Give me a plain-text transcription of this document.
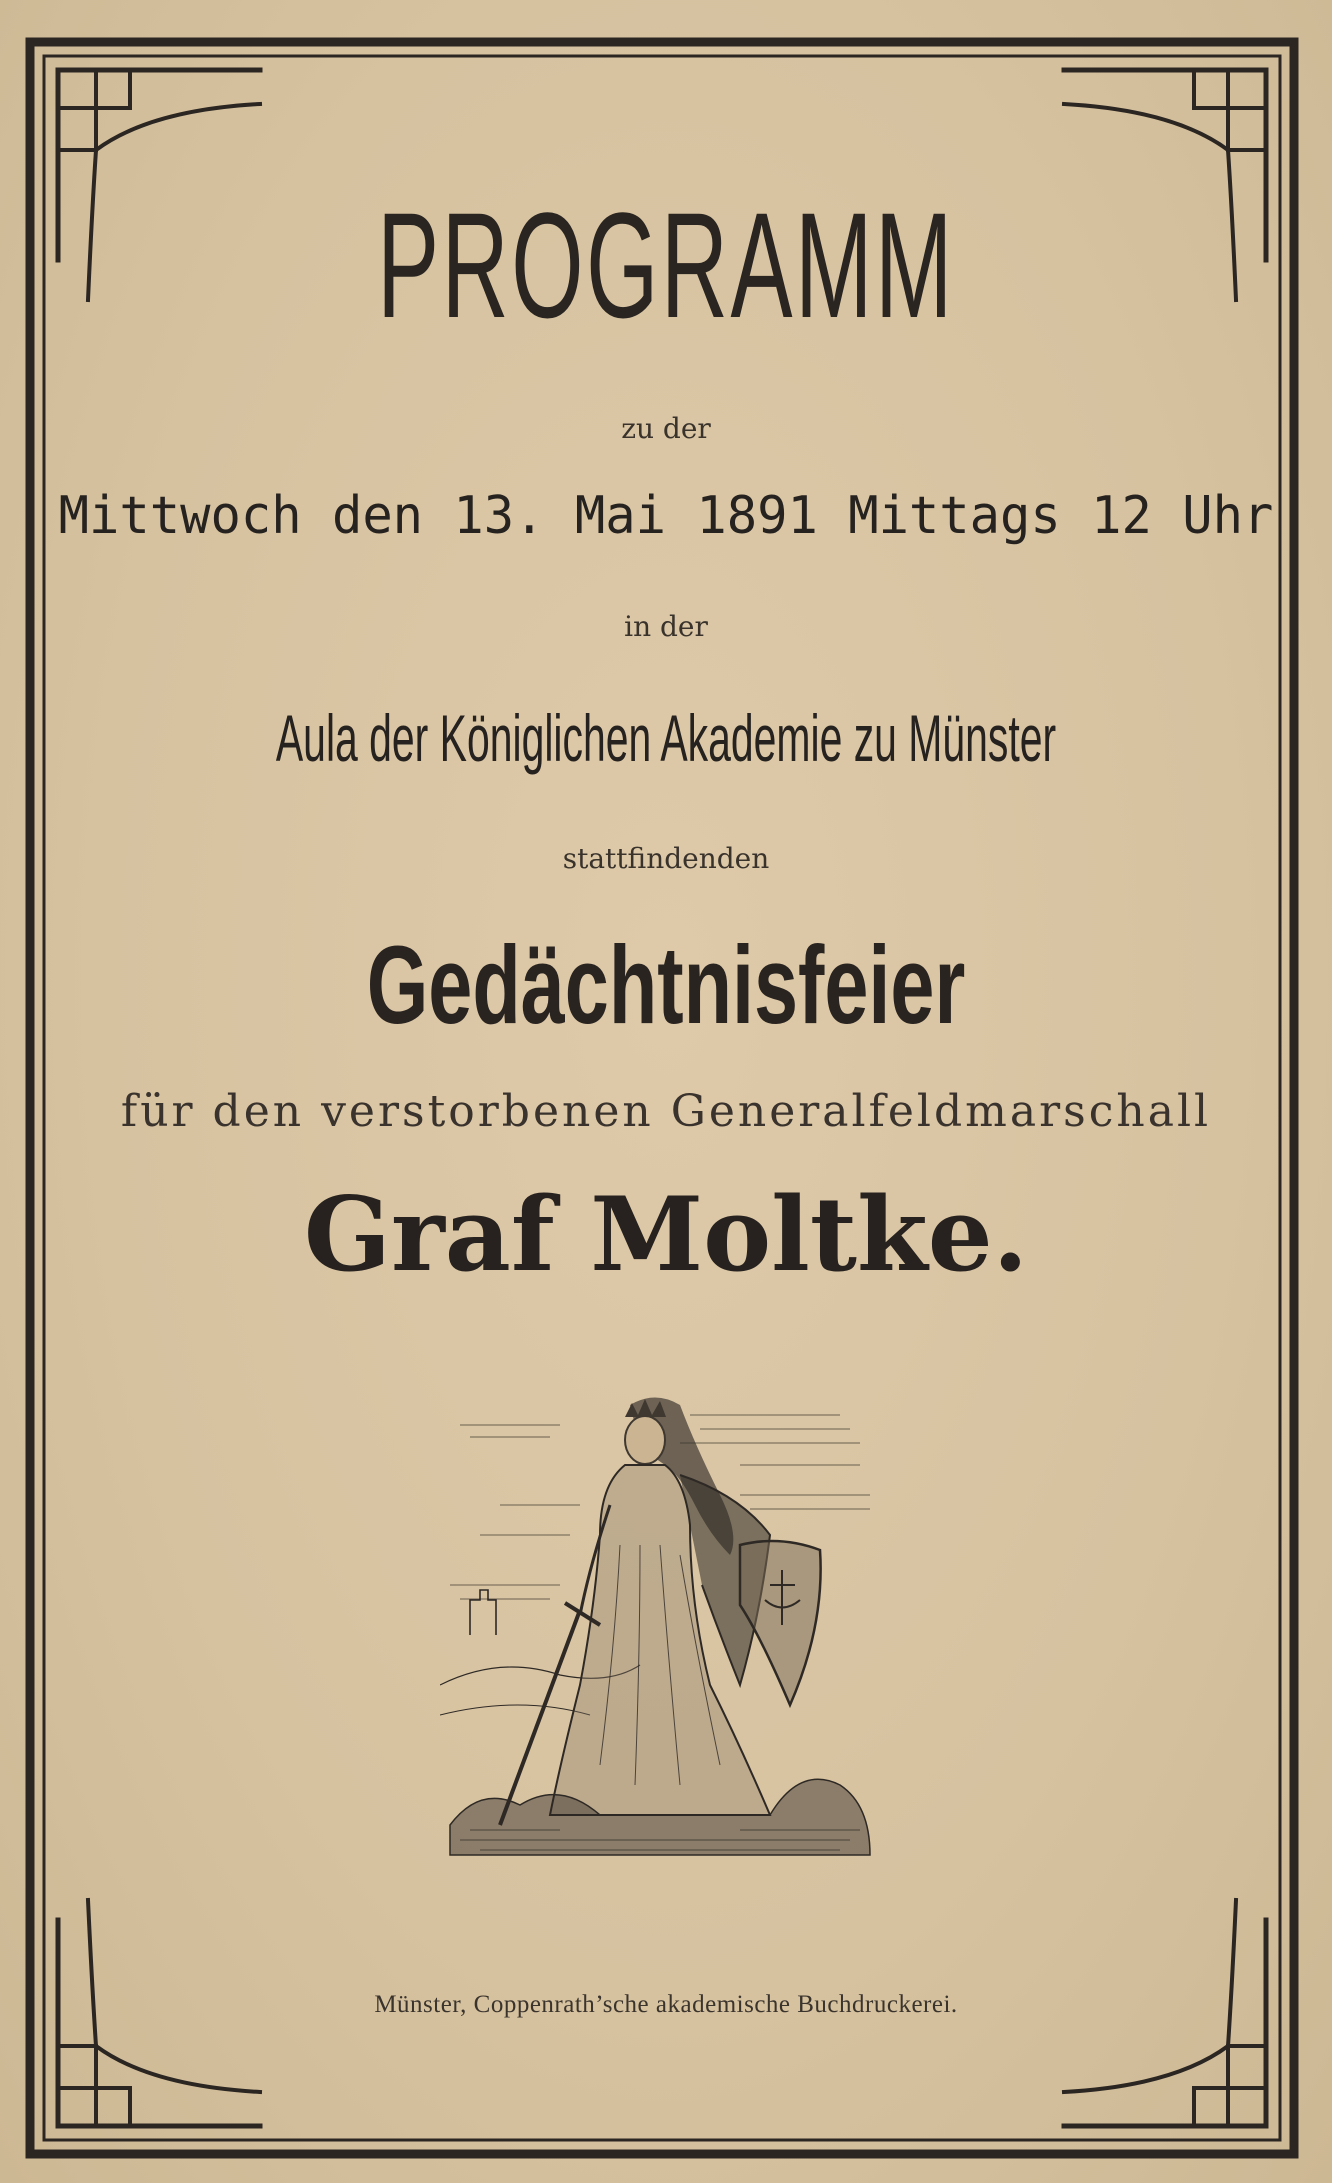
PROGRAMM

zu der

Mittwoch den 13. Mai 1891 Mittags 12 Uhr

in der

Aula der Königlichen Akademie zu Münster

stattfindenden

Gedächtnisfeier

für den verstorbenen Generalfeldmarschall

Graf Moltke.

Münster, Coppenrath’sche akademische Buchdruckerei.
